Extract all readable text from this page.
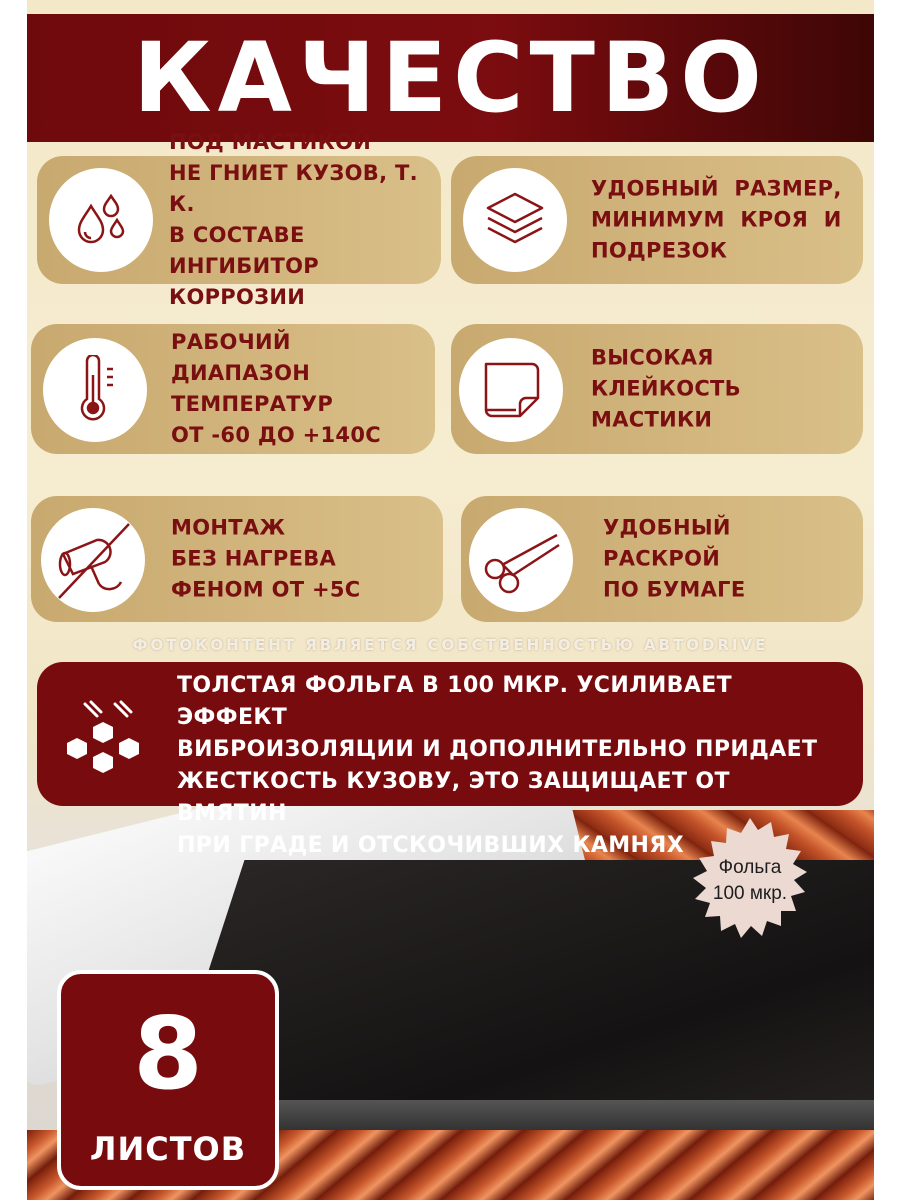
КАЧЕСТВО
ПОД МАСТИКОЙ
НЕ ГНИЕТ КУЗОВ, Т. К.
В СОСТАВЕ ИНГИБИТОР
КОРРОЗИИ
УДОБНЫЙ РАЗМЕР,
МИНИМУМ КРОЯ И
ПОДРЕЗОК
РАБОЧИЙ ДИАПАЗОН
ТЕМПЕРАТУР
ОТ -60 ДО +140С
ВЫСОКАЯ
КЛЕЙКОСТЬ
МАСТИКИ
МОНТАЖ
БЕЗ НАГРЕВА
ФЕНОМ ОТ +5С
УДОБНЫЙ
РАСКРОЙ
ПО БУМАГЕ
ФОТОКОНТЕНТ ЯВЛЯЕТСЯ СОБСТВЕННОСТЬЮ АВТОDRIVE
ТОЛСТАЯ ФОЛЬГА В 100 МКР. УСИЛИВАЕТ ЭФФЕКТ
ВИБРОИЗОЛЯЦИИ И ДОПОЛНИТЕЛЬНО ПРИДАЕТ
ЖЕСТКОСТЬ КУЗОВУ, ЭТО ЗАЩИЩАЕТ ОТ ВМЯТИН
ПРИ ГРАДЕ И ОТСКОЧИВШИХ КАМНЯХ
Фольга
100 мкр.
8
ЛИСТОВ
